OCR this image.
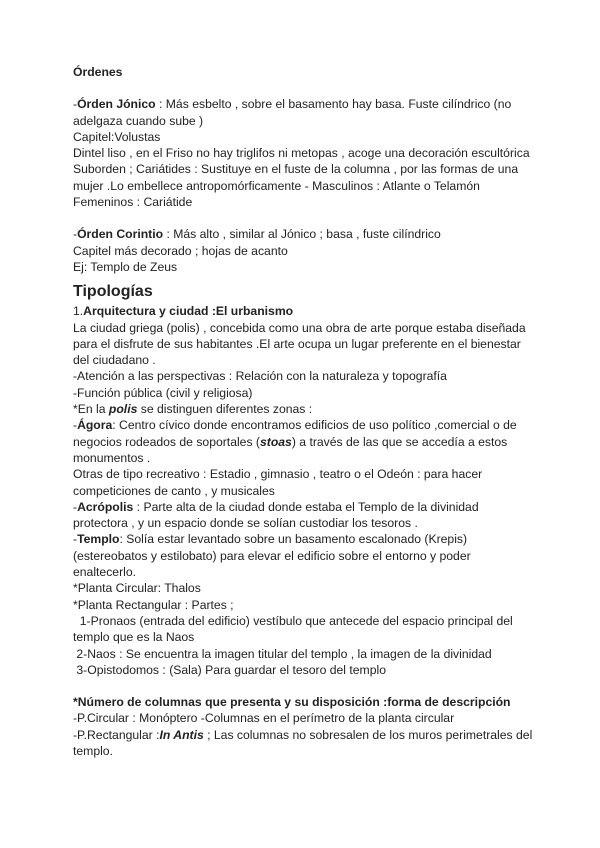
Órdenes

-Órden Jónico : Más esbelto , sobre el basamento hay basa. Fuste cilíndrico (no adelgaza cuando sube )

Capitel:Volustas

Dintel liso , en el Friso no hay triglifos ni metopas , acoge una decoración escultórica Suborden ; Cariátides : Sustituye en el fuste de la columna , por las formas de una mujer .Lo embellece antropomórficamente - Masculinos : Atlante o Telamón

Femeninos : Cariátide

-Órden Corintio : Más alto , similar al Jónico ; basa , fuste cilíndrico

Capitel más decorado ; hojas de acanto

Ej: Templo de Zeus

Tipologías

1.Arquitectura y ciudad :El urbanismo

La ciudad griega (polis) , concebida como una obra de arte porque estaba diseñada para el disfrute de sus habitantes .El arte ocupa un lugar preferente en el bienestar del ciudadano .

-Atención a las perspectivas : Relación con la naturaleza y topografía

-Función pública (civil y religiosa)

*En la polis se distinguen diferentes zonas :

-Ágora: Centro cívico donde encontramos edificios de uso político ,comercial o de negocios rodeados de soportales (stoas) a través de las que se accedía a estos monumentos .

Otras de tipo recreativo : Estadio , gimnasio , teatro o el Odeón : para hacer competiciones de canto , y musicales

-Acrópolis : Parte alta de la ciudad donde estaba el Templo de la divinidad protectora , y un espacio donde se solían custodiar los tesoros .

-Templo: Solía estar levantado sobre un basamento escalonado (Krepis) (estereobatos y estilobato) para elevar el edificio sobre el entorno y poder enaltecerlo.

*Planta Circular: Thalos

*Planta Rectangular : Partes ;

1-Pronaos (entrada del edificio) vestíbulo que antecede del espacio principal del templo que es la Naos

2-Naos : Se encuentra la imagen titular del templo , la imagen de la divinidad

3-Opistodomos : (Sala) Para guardar el tesoro del templo

*Número de columnas que presenta y su disposición :forma de descripción

-P.Circular : Monóptero -Columnas en el perímetro de la planta circular

-P.Rectangular :In Antis ; Las columnas no sobresalen de los muros perimetrales del templo.
